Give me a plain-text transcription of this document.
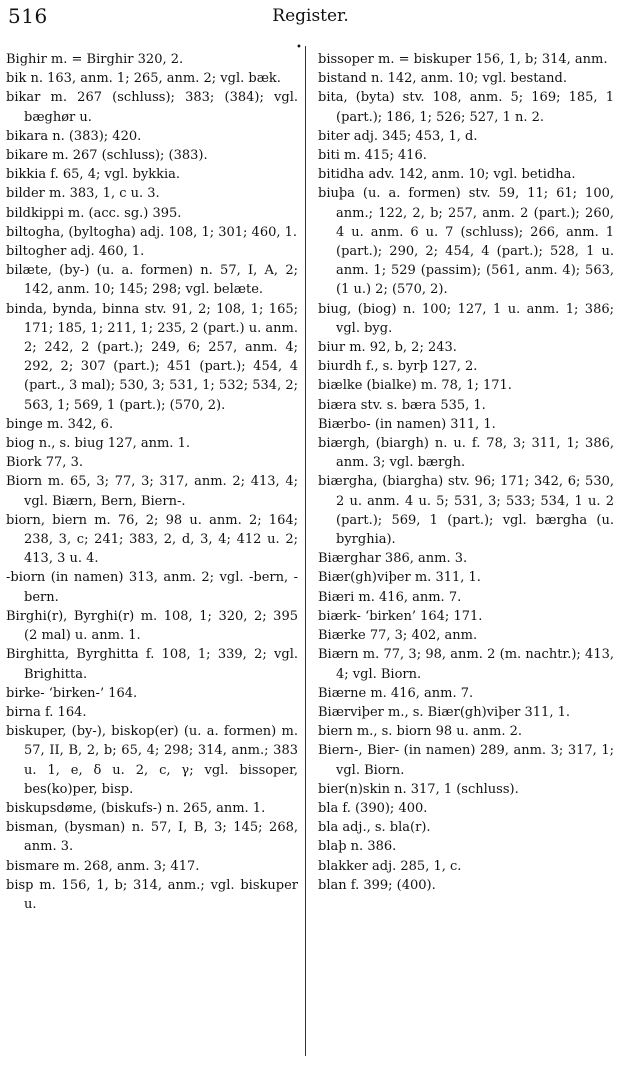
516	Register.
•
Bighir m. = Birghir 320, 2.
bik n. 163, anm. 1; 265, anm. 2; vgl. bæk.
bikar m. 267 (schluss); 383; (384); vgl. bæghør u.
bikara n. (383); 420.
bikare m. 267 (schluss); (383).
bikkia f. 65, 4; vgl. bykkia.
bilder m. 383, 1, c u. 3.
bildkippi m. (acc. sg.) 395.
biltogha, (byltogha) adj. 108, 1; 301; 460, 1.
biltogher adj. 460, 1.
bilæte, (by-) (u. a. formen) n. 57, I, A, 2; 142, anm. 10; 145; 298; vgl. belæte.
binda, bynda, binna stv. 91, 2; 108, 1; 165; 171; 185, 1; 211, 1; 235, 2 (part.) u. anm. 2; 242, 2 (part.); 249, 6; 257, anm. 4; 292, 2; 307 (part.); 451 (part.); 454, 4 (part., 3 mal); 530, 3; 531, 1; 532; 534, 2; 563, 1; 569, 1 (part.); (570, 2).
binge m. 342, 6.
biog n., s. biug 127, anm. 1.
Biork 77, 3.
Biorn m. 65, 3; 77, 3; 317, anm. 2; 413, 4; vgl. Biærn, Bern, Biern-.
biorn, biern m. 76, 2; 98 u. anm. 2; 164; 238, 3, c; 241; 383, 2, d, 3, 4; 412 u. 2; 413, 3 u. 4.
-biorn (in namen) 313, anm. 2; vgl. -bern, -bern.
Birghi(r), Byrghi(r) m. 108, 1; 320, 2; 395 (2 mal) u. anm. 1.
Birghitta, Byrghitta f. 108, 1; 339, 2; vgl. Brighitta.
birke- ‘birken-’ 164.
birna f. 164.
biskuper, (by-), biskop(er) (u. a. formen) m. 57, II, B, 2, b; 65, 4; 298; 314, anm.; 383 u. 1, e, δ u. 2, c, γ; vgl. bissoper, bes(ko)per, bisp.
biskupsdøme, (biskufs-) n. 265, anm. 1.
bisman, (bysman) n. 57, I, B, 3; 145; 268, anm. 3.
bismare m. 268, anm. 3; 417.
bisp m. 156, 1, b; 314, anm.; vgl. biskuper u.
bissoper m. = biskuper 156, 1, b; 314, anm.
bistand n. 142, anm. 10; vgl. bestand.
bita, (byta) stv. 108, anm. 5; 169; 185, 1 (part.); 186, 1; 526; 527, 1 n. 2.
biter adj. 345; 453, 1, d.
biti m. 415; 416.
bitidha adv. 142, anm. 10; vgl. betidha.
biuþa (u. a. formen) stv. 59, 11; 61; 100, anm.; 122, 2, b; 257, anm. 2 (part.); 260, 4 u. anm. 6 u. 7 (schluss); 266, anm. 1 (part.); 290, 2; 454, 4 (part.); 528, 1 u. anm. 1; 529 (passim); (561, anm. 4); 563, (1 u.) 2; (570, 2).
biug, (biog) n. 100; 127, 1 u. anm. 1; 386; vgl. byg.
biur m. 92, b, 2; 243.
biurdh f., s. byrþ 127, 2.
biælke (bialke) m. 78, 1; 171.
biæra stv. s. bæra 535, 1.
Biærbo- (in namen) 311, 1.
biærgh, (biargh) n. u. f. 78, 3; 311, 1; 386, anm. 3; vgl. bærgh.
biærgha, (biargha) stv. 96; 171; 342, 6; 530, 2 u. anm. 4 u. 5; 531, 3; 533; 534, 1 u. 2 (part.); 569, 1 (part.); vgl. bærgha (u. byrghia).
Biærghar 386, anm. 3.
Biær(gh)viþer m. 311, 1.
Biæri m. 416, anm. 7.
biærk- ‘birken’ 164; 171.
Biærke 77, 3; 402, anm.
Biærn m. 77, 3; 98, anm. 2 (m. nachtr.); 413, 4; vgl. Biorn.
Biærne m. 416, anm. 7.
Biærviþer m., s. Biær(gh)viþer 311, 1.
biern m., s. biorn 98 u. anm. 2.
Biern-, Bier- (in namen) 289, anm. 3; 317, 1; vgl. Biorn.
bier(n)skin n. 317, 1 (schluss).
bla f. (390); 400.
bla adj., s. bla(r).
blaþ n. 386.
blakker adj. 285, 1, c.
blan f. 399; (400).
